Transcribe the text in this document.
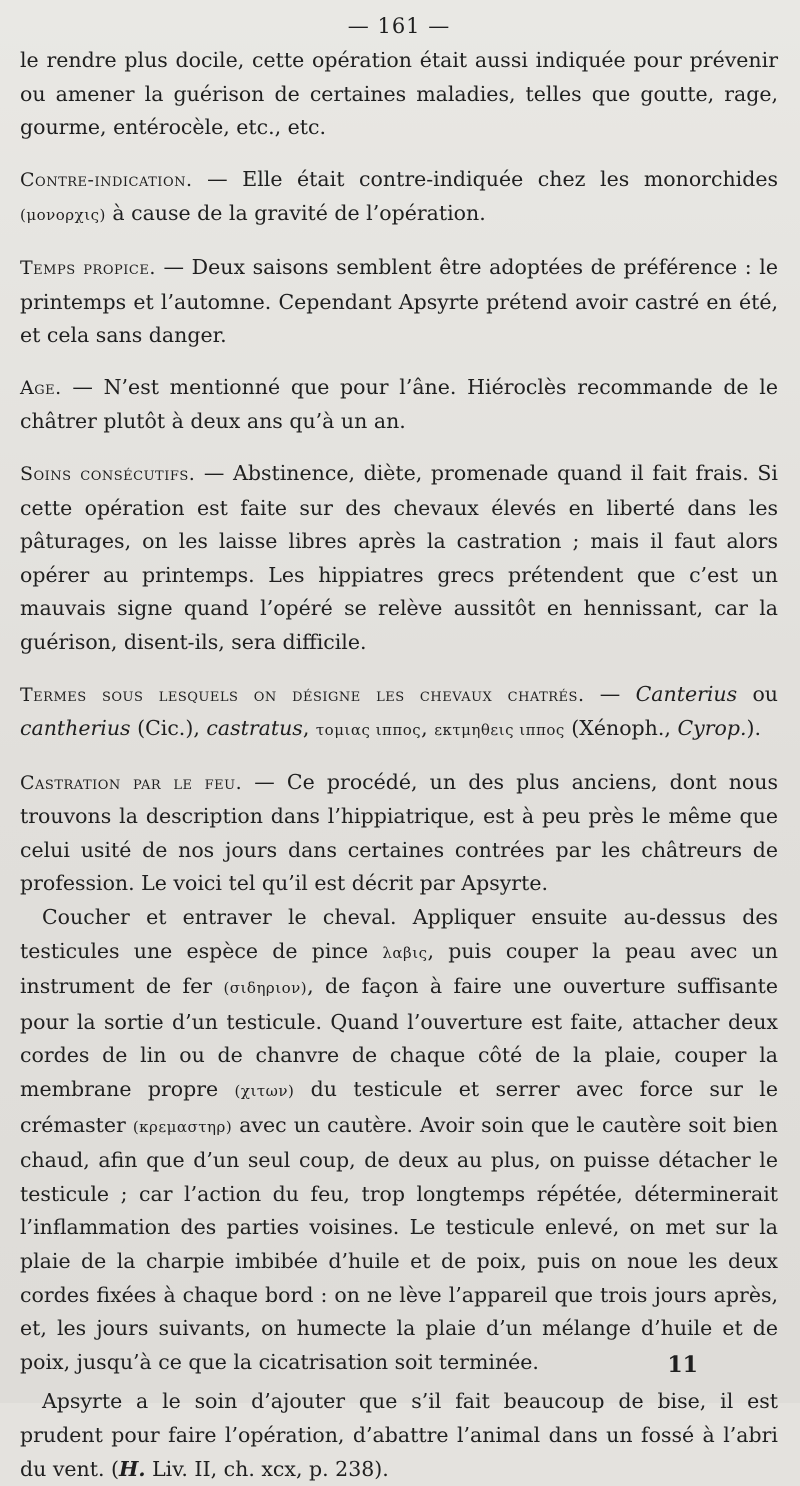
— 161 —

le rendre plus docile, cette opération était aussi indiquée pour prévenir ou amener la guérison de certaines maladies, telles que goutte, rage, gourme, entérocèle, etc., etc.

Contre-indication. — Elle était contre-indiquée chez les monorchides (μονορχις) à cause de la gravité de l’opération.

Temps propice. — Deux saisons semblent être adoptées de préférence : le printemps et l’automne. Cependant Apsyrte prétend avoir castré en été, et cela sans danger.

Age. — N’est mentionné que pour l’âne. Hiéroclès recommande de le châtrer plutôt à deux ans qu’à un an.

Soins consécutifs. — Abstinence, diète, promenade quand il fait frais. Si cette opération est faite sur des chevaux élevés en liberté dans les pâturages, on les laisse libres après la castration ; mais il faut alors opérer au printemps. Les hippiatres grecs prétendent que c’est un mauvais signe quand l’opéré se relève aussitôt en hennissant, car la guérison, disent-ils, sera difficile.

Termes sous lesquels on désigne les chevaux chatrés. — Canterius ou cantherius (Cic.), castratus, τομιας ιππος, εκτμηθεις ιππος (Xénoph., Cyrop.).

Castration par le feu. — Ce procédé, un des plus anciens, dont nous trouvons la description dans l’hippiatrique, est à peu près le même que celui usité de nos jours dans certaines contrées par les châtreurs de profession. Le voici tel qu’il est décrit par Apsyrte.

Coucher et entraver le cheval. Appliquer ensuite au-dessus des testicules une espèce de pince λαβις, puis couper la peau avec un instrument de fer (σιδηριον), de façon à faire une ouverture suffisante pour la sortie d’un testicule. Quand l’ouverture est faite, attacher deux cordes de lin ou de chanvre de chaque côté de la plaie, couper la membrane propre (χιτων) du testicule et serrer avec force sur le crémaster (κρεμαστηρ) avec un cautère. Avoir soin que le cautère soit bien chaud, afin que d’un seul coup, de deux au plus, on puisse détacher le testicule ; car l’action du feu, trop longtemps répétée, déterminerait l’inflammation des parties voisines. Le testicule enlevé, on met sur la plaie de la charpie imbibée d’huile et de poix, puis on noue les deux cordes fixées à chaque bord : on ne lève l’appareil que trois jours après, et, les jours suivants, on humecte la plaie d’un mélange d’huile et de poix, jusqu’à ce que la cicatrisation soit terminée.

Apsyrte a le soin d’ajouter que s’il fait beaucoup de bise, il est prudent pour faire l’opération, d’abattre l’animal dans un fossé à l’abri du vent. (H. Liv. II, ch. xcx, p. 238).

11
